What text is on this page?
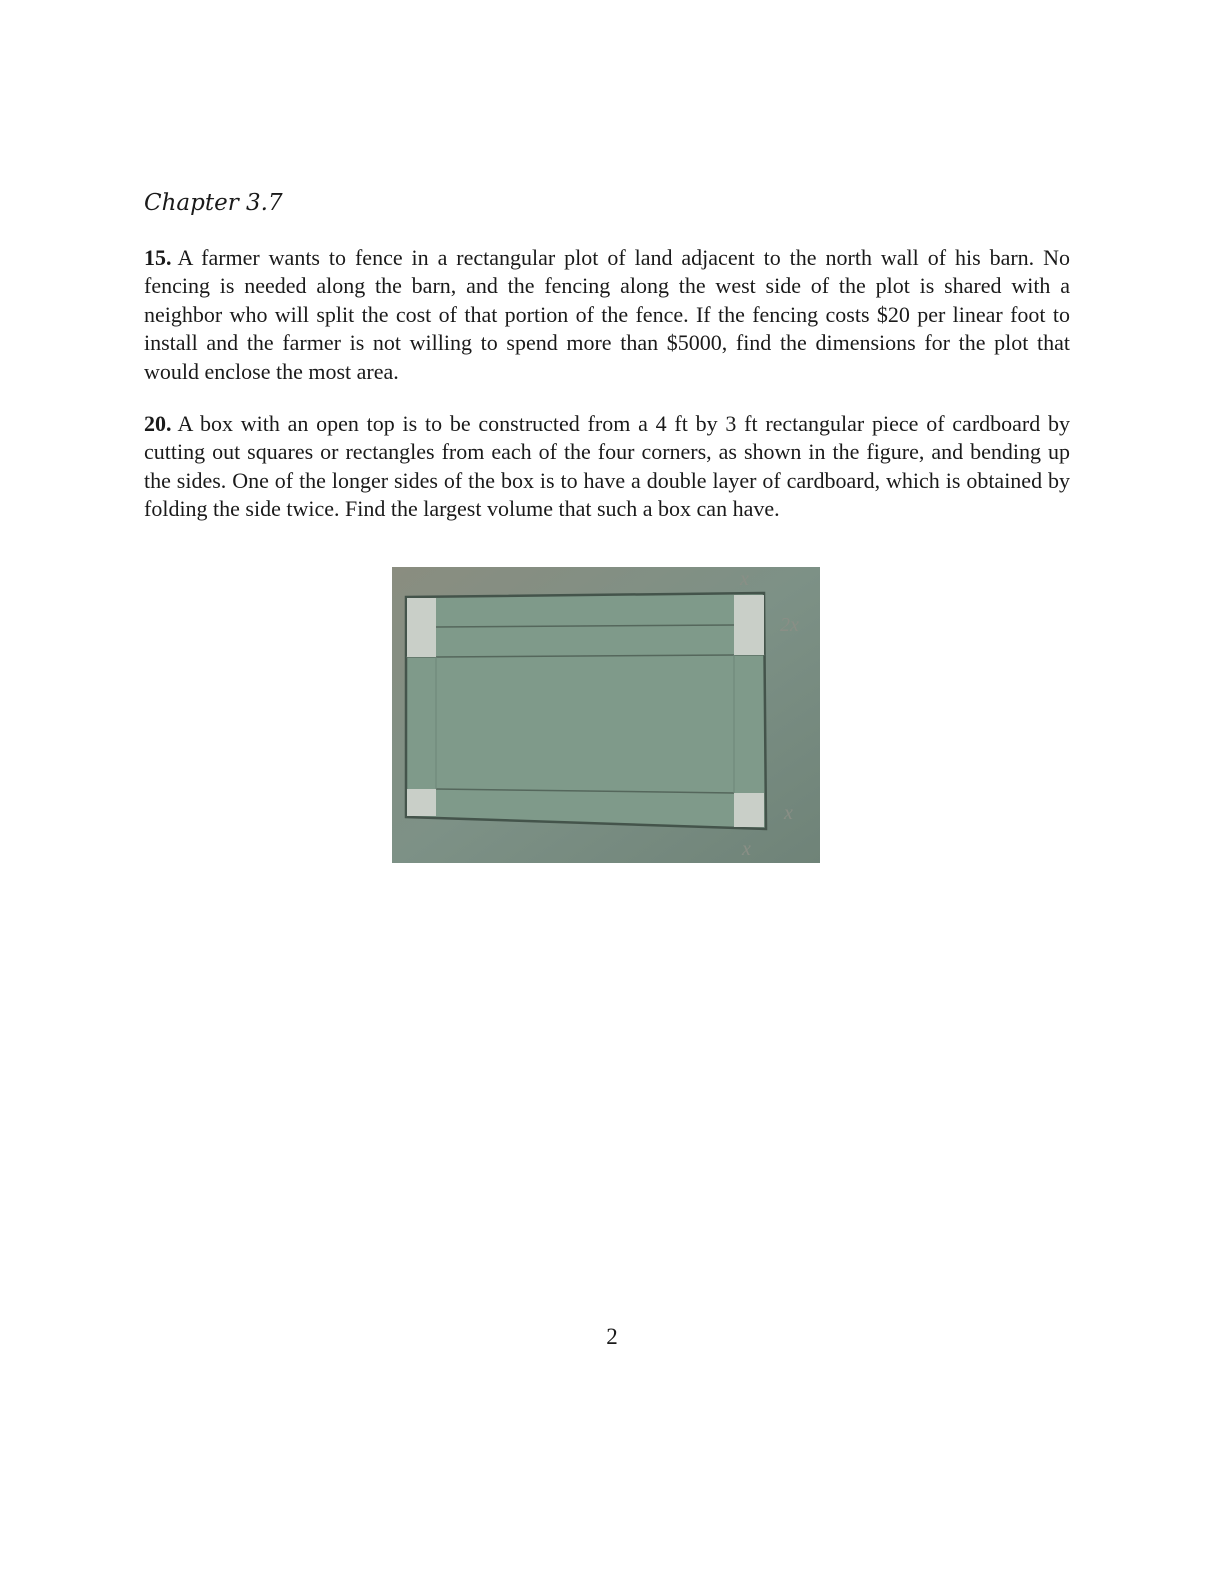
Chapter 3.7
15. A farmer wants to fence in a rectangular plot of land adjacent to the north wall of his barn. No fencing is needed along the barn, and the fencing along the west side of the plot is shared with a neighbor who will split the cost of that portion of the fence. If the fencing costs $20 per linear foot to install and the farmer is not willing to spend more than $5000, find the dimensions for the plot that would enclose the most area.
20. A box with an open top is to be constructed from a 4 ft by 3 ft rectangular piece of cardboard by cutting out squares or rectangles from each of the four corners, as shown in the figure, and bending up the sides. One of the longer sides of the box is to have a double layer of cardboard, which is obtained by folding the side twice. Find the largest volume that such a box can have.
x
2x
x
x
2
